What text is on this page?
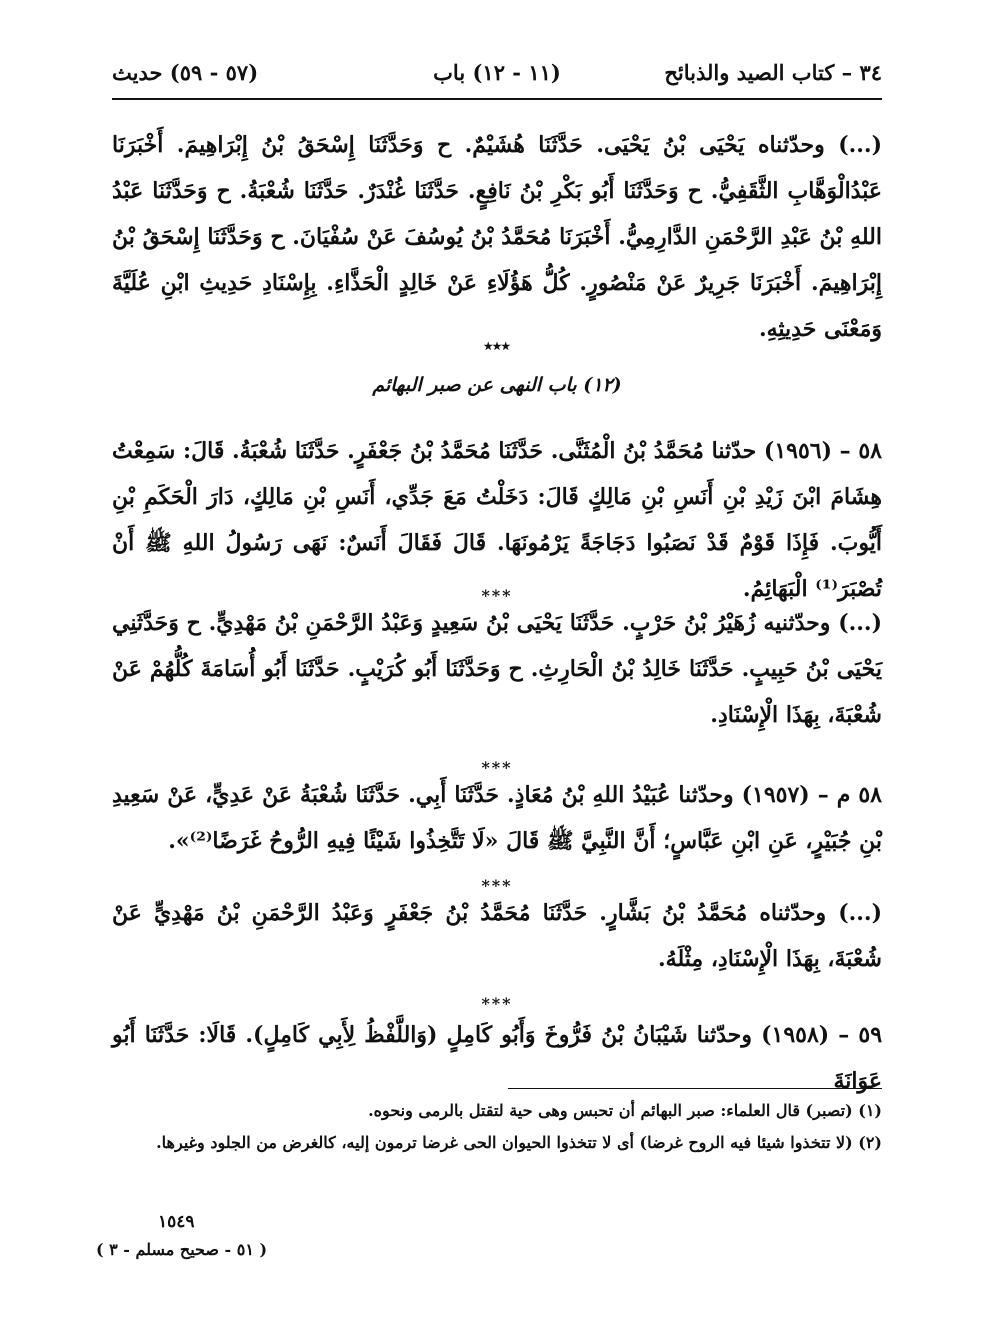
٣٤ – كتاب الصيد والذبائح
(١١ - ١٢) باب
(٥٧ - ٥٩) حديث
(...) وحدّثناه يَحْيَى بْنُ يَحْيَى. حَدَّثَنَا هُشَيْمٌ. ح وَحَدَّثَنَا إِسْحَقُ بْنُ إِبْرَاهِيمَ. أَخْبَرَنَا عَبْدُالْوَهَّابِ الثَّقَفِيُّ. ح وَحَدَّثَنَا أَبُو بَكْرِ بْنُ نَافِعٍ. حَدَّثَنَا غُنْدَرٌ. حَدَّثَنَا شُعْبَةُ. ح وَحَدَّثَنَا عَبْدُ اللهِ بْنُ عَبْدِ الرَّحْمَنِ الدَّارِمِيُّ. أَخْبَرَنَا مُحَمَّدُ بْنُ يُوسُفَ عَنْ سُفْيَانَ. ح وَحَدَّثَنَا إِسْحَقُ بْنُ إِبْرَاهِيمَ. أَخْبَرَنَا جَرِيرٌ عَنْ مَنْصُورٍ. كُلُّ هَؤُلَاءِ عَنْ خَالِدٍ الْحَذَّاءِ. بِإِسْنَادِ حَدِيثِ ابْنِ عُلَيَّةَ وَمَعْنَى حَدِيثِهِ.
٭٭٭
(١٢) باب النهى عن صبر البهائم
٥٨ – (١٩٥٦) حدّثنا مُحَمَّدُ بْنُ الْمُثَنَّى. حَدَّثَنَا مُحَمَّدُ بْنُ جَعْفَرٍ. حَدَّثَنَا شُعْبَةُ. قَالَ: سَمِعْتُ هِشَامَ ابْنَ زَيْدِ بْنِ أَنَسِ بْنِ مَالِكٍ قَالَ: دَخَلْتُ مَعَ جَدِّي، أَنَسِ بْنِ مَالِكٍ، دَارَ الْحَكَمِ بْنِ أَيُّوبَ. فَإِذَا قَوْمٌ قَدْ نَصَبُوا دَجَاجَةً يَرْمُونَهَا. قَالَ فَقَالَ أَنَسٌ: نَهَى رَسُولُ اللهِ ﷺ أَنْ تُصْبَرَ⁽¹⁾ الْبَهَائِمُ.
***
(...) وحدّثنيه زُهَيْرُ بْنُ حَرْبٍ. حَدَّثَنَا يَحْيَى بْنُ سَعِيدٍ وَعَبْدُ الرَّحْمَنِ بْنُ مَهْدِيٍّ. ح وَحَدَّثَنِي يَحْيَى بْنُ حَبِيبٍ. حَدَّثَنَا خَالِدُ بْنُ الْحَارِثِ. ح وَحَدَّثَنَا أَبُو كُرَيْبٍ. حَدَّثَنَا أَبُو أُسَامَةَ كُلُّهُمْ عَنْ شُعْبَةَ، بِهَذَا الْإِسْنَادِ.
***
٥٨ م – (١٩٥٧) وحدّثنا عُبَيْدُ اللهِ بْنُ مُعَاذٍ. حَدَّثَنَا أَبِي. حَدَّثَنَا شُعْبَةُ عَنْ عَدِيٍّ، عَنْ سَعِيدِ بْنِ جُبَيْرٍ، عَنِ ابْنِ عَبَّاسٍ؛ أَنَّ النَّبِيَّ ﷺ قَالَ «لَا تَتَّخِذُوا شَيْئًا فِيهِ الرُّوحُ غَرَضًا⁽²⁾».
***
(...) وحدّثناه مُحَمَّدُ بْنُ بَشَّارٍ. حَدَّثَنَا مُحَمَّدُ بْنُ جَعْفَرٍ وَعَبْدُ الرَّحْمَنِ بْنُ مَهْدِيٍّ عَنْ شُعْبَةَ، بِهَذَا الْإِسْنَادِ، مِثْلَهُ.
***
٥٩ – (١٩٥٨) وحدّثنا شَيْبَانُ بْنُ فَرُّوخَ وَأَبُو كَامِلٍ (وَاللَّفْظُ لِأَبِي كَامِلٍ). قَالَا: حَدَّثَنَا أَبُو عَوَانَةَ
(١) (تصبر) قال العلماء: صبر البهائم أن تحبس وهى حية لتقتل بالرمى ونحوه.
(٢) (لا تتخذوا شيئا فيه الروح غرضا) أى لا تتخذوا الحيوان الحى غرضا ترمون إليه، كالغرض من الجلود وغيرها.
١٥٤٩
( ٥١ - صحيح مسلم - ٣ )
